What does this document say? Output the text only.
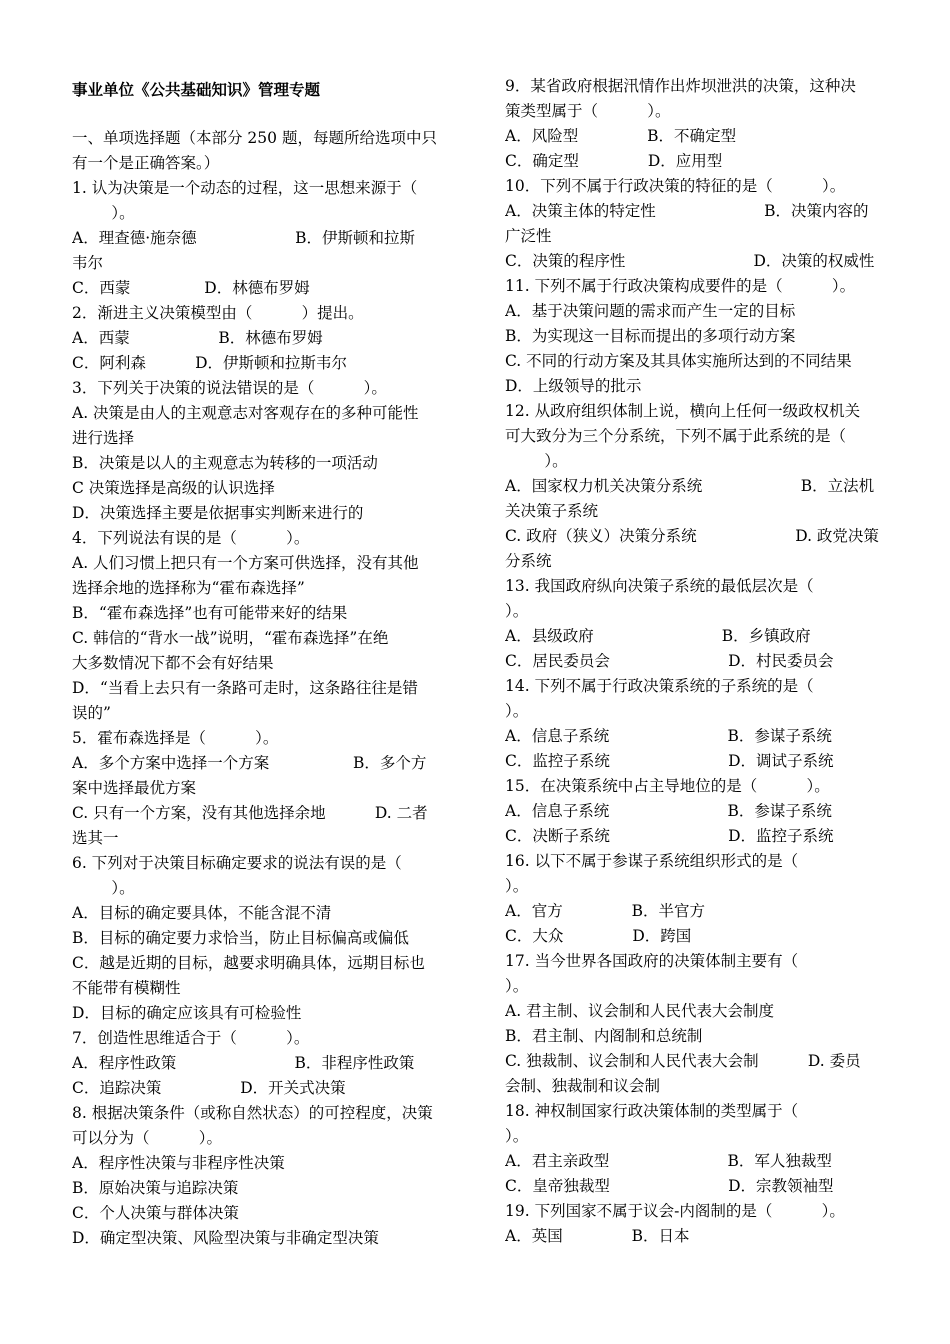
事业单位《公共基础知识》管理专题
一、单项选择题（本部分 250 题，每题所给选项中只
有一个是正确答案。）
1. 认为决策是一个动态的过程，这一思想来源于（
）。
A．理查德·施奈德                    B．伊斯顿和拉斯
韦尔
C．西蒙               D．林德布罗姆
2．渐进主义决策模型由（          ）提出。
A．西蒙                  B．林德布罗姆
C．阿利森          D．伊斯顿和拉斯韦尔
3．下列关于决策的说法错误的是（          ）。
A. 决策是由人的主观意志对客观存在的多种可能性
进行选择
B．决策是以人的主观意志为转移的一项活动
C 决策选择是高级的认识选择
D．决策选择主要是依据事实判断来进行的
4．下列说法有误的是（          ）。
A. 人们习惯上把只有一个方案可供选择，没有其他
选择余地的选择称为“霍布森选择”
B．“霍布森选择”也有可能带来好的结果
C. 韩信的“背水一战”说明，“霍布森选择”在绝
大多数情况下都不会有好结果
D．“当看上去只有一条路可走时，这条路往往是错
误的”
5．霍布森选择是（          ）。
A．多个方案中选择一个方案                 B．多个方
案中选择最优方案
C. 只有一个方案，没有其他选择余地          D. 二者
选其一
6. 下列对于决策目标确定要求的说法有误的是（
）。
A．目标的确定要具体，不能含混不清
B．目标的确定要力求恰当，防止目标偏高或偏低
C．越是近期的目标，越要求明确具体，远期目标也
不能带有模糊性
D．目标的确定应该具有可检验性
7．创造性思维适合于（          ）。
A．程序性政策                        B．非程序性政策
C．追踪决策                D．开关式决策
8. 根据决策条件（或称自然状态）的可控程度，决策
可以分为（          ）。
A．程序性决策与非程序性决策
B．原始决策与追踪决策
C．个人决策与群体决策
D．确定型决策、风险型决策与非确定型决策
9．某省政府根据汛情作出炸坝泄洪的决策，这种决
策类型属于（          ）。
A．风险型              B．不确定型
C．确定型              D．应用型
10．下列不属于行政决策的特征的是（          ）。
A．决策主体的特定性                      B．决策内容的
广泛性
C．决策的程序性                          D．决策的权威性
11. 下列不属于行政决策构成要件的是（          ）。
A．基于决策问题的需求而产生一定的目标
B．为实现这一目标而提出的多项行动方案
C. 不同的行动方案及其具体实施所达到的不同结果
D．上级领导的批示
12. 从政府组织体制上说，横向上任何一级政权机关
可大致分为三个分系统，下列不属于此系统的是（
）。
A．国家权力机关决策分系统                    B．立法机
关决策子系统
C. 政府（狭义）决策分系统                    D. 政党决策
分系统
13. 我国政府纵向决策子系统的最低层次是（
）。
A．县级政府                          B．乡镇政府
C．居民委员会                        D．村民委员会
14. 下列不属于行政决策系统的子系统的是（
）。
A．信息子系统                        B．参谋子系统
C．监控子系统                        D．调试子系统
15．在决策系统中占主导地位的是（          ）。
A．信息子系统                        B．参谋子系统
C．决断子系统                        D．监控子系统
16. 以下不属于参谋子系统组织形式的是（
）。
A．官方              B．半官方
C．大众              D．跨国
17. 当今世界各国政府的决策体制主要有（
）。
A. 君主制、议会制和人民代表大会制度
B．君主制、内阁制和总统制
C. 独裁制、议会制和人民代表大会制          D. 委员
会制、独裁制和议会制
18. 神权制国家行政决策体制的类型属于（
）。
A．君主亲政型                        B．军人独裁型
C．皇帝独裁型                        D．宗教领袖型
19. 下列国家不属于议会-内阁制的是（          ）。
A．英国              B．日本
